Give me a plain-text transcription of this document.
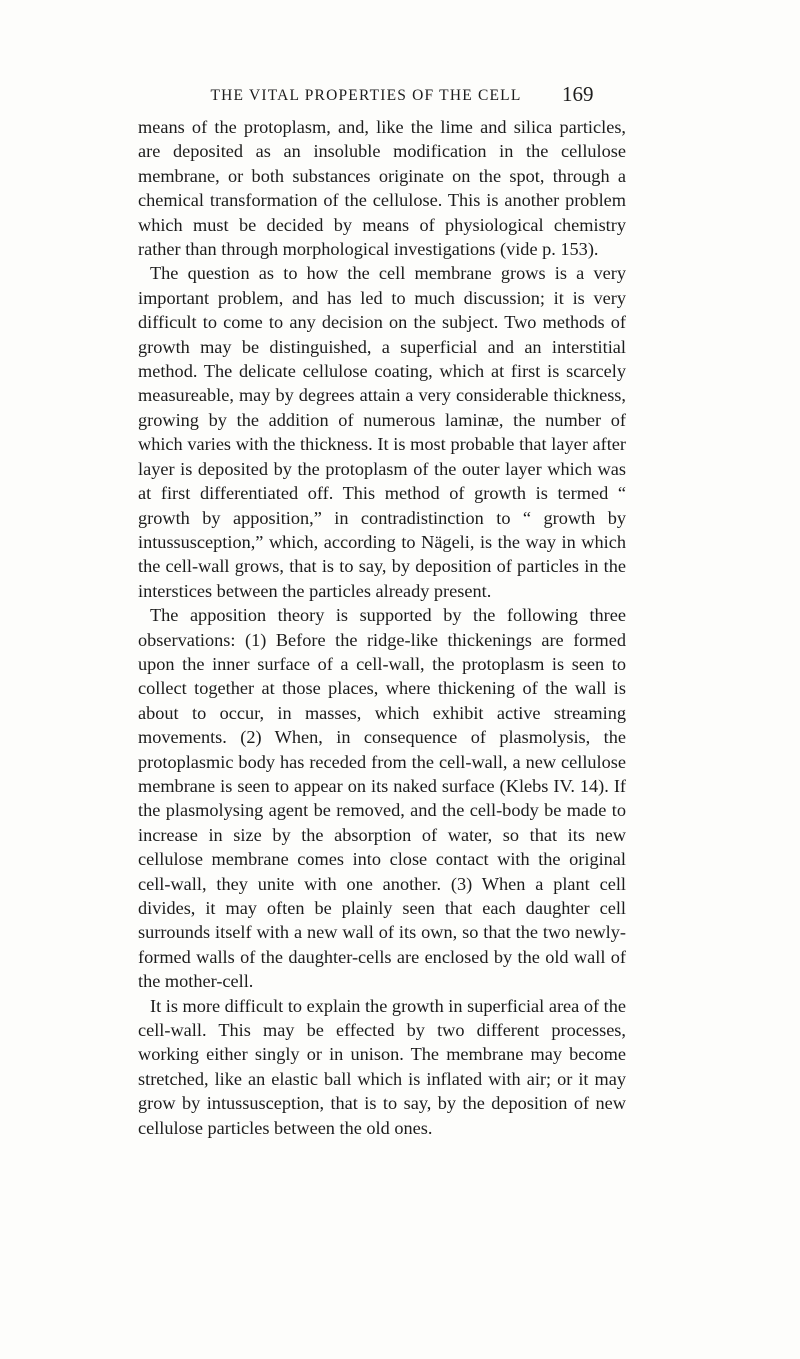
THE VITAL PROPERTIES OF THE CELL	169

means of the protoplasm, and, like the lime and silica particles, are deposited as an insoluble modification in the cellulose membrane, or both substances originate on the spot, through a chemical transformation of the cellulose. This is another problem which must be decided by means of physiological chemistry rather than through morphological investigations (vide p. 153).

The question as to how the cell membrane grows is a very important problem, and has led to much discussion; it is very difficult to come to any decision on the subject. Two methods of growth may be distinguished, a superficial and an interstitial method. The delicate cellulose coating, which at first is scarcely measureable, may by degrees attain a very considerable thickness, growing by the addition of numerous laminæ, the number of which varies with the thickness. It is most probable that layer after layer is deposited by the protoplasm of the outer layer which was at first differentiated off. This method of growth is termed “ growth by apposition,” in contradistinction to “ growth by intussusception,” which, according to Nägeli, is the way in which the cell-wall grows, that is to say, by deposition of particles in the interstices between the particles already present.

The apposition theory is supported by the following three observations: (1) Before the ridge-like thickenings are formed upon the inner surface of a cell-wall, the protoplasm is seen to collect together at those places, where thickening of the wall is about to occur, in masses, which exhibit active streaming movements. (2) When, in consequence of plasmolysis, the protoplasmic body has receded from the cell-wall, a new cellulose membrane is seen to appear on its naked surface (Klebs IV. 14). If the plasmolysing agent be removed, and the cell-body be made to increase in size by the absorption of water, so that its new cellulose membrane comes into close contact with the original cell-wall, they unite with one another. (3) When a plant cell divides, it may often be plainly seen that each daughter cell surrounds itself with a new wall of its own, so that the two newly-formed walls of the daughter-cells are enclosed by the old wall of the mother-cell.

It is more difficult to explain the growth in superficial area of the cell-wall. This may be effected by two different processes, working either singly or in unison. The membrane may become stretched, like an elastic ball which is inflated with air; or it may grow by intussusception, that is to say, by the deposition of new cellulose particles between the old ones.
